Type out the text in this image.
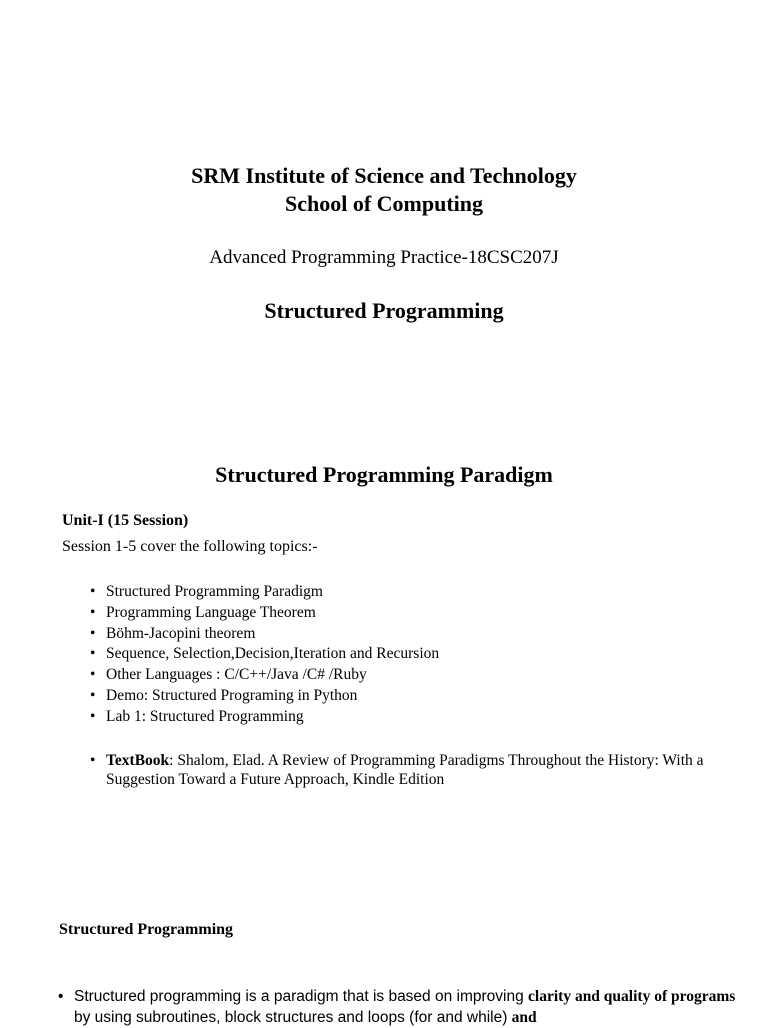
SRM Institute of Science and Technology
School of Computing
Advanced Programming Practice-18CSC207J
Structured Programming
Structured Programming Paradigm
Unit-I (15 Session)
Session 1-5 cover the following topics:-
• Structured Programming Paradigm
• Programming Language Theorem
• Böhm-Jacopini theorem
• Sequence, Selection,Decision,Iteration and Recursion
• Other Languages : C/C++/Java /C# /Ruby
• Demo: Structured Programing in Python
• Lab 1: Structured Programming
• TextBook: Shalom, Elad. A Review of Programming Paradigms Throughout the History: With a Suggestion Toward a Future Approach, Kindle Edition
Structured Programming
• Structured programming is a paradigm that is based on improving clarity and quality of programs by using subroutines, block structures and loops (for and while) and
